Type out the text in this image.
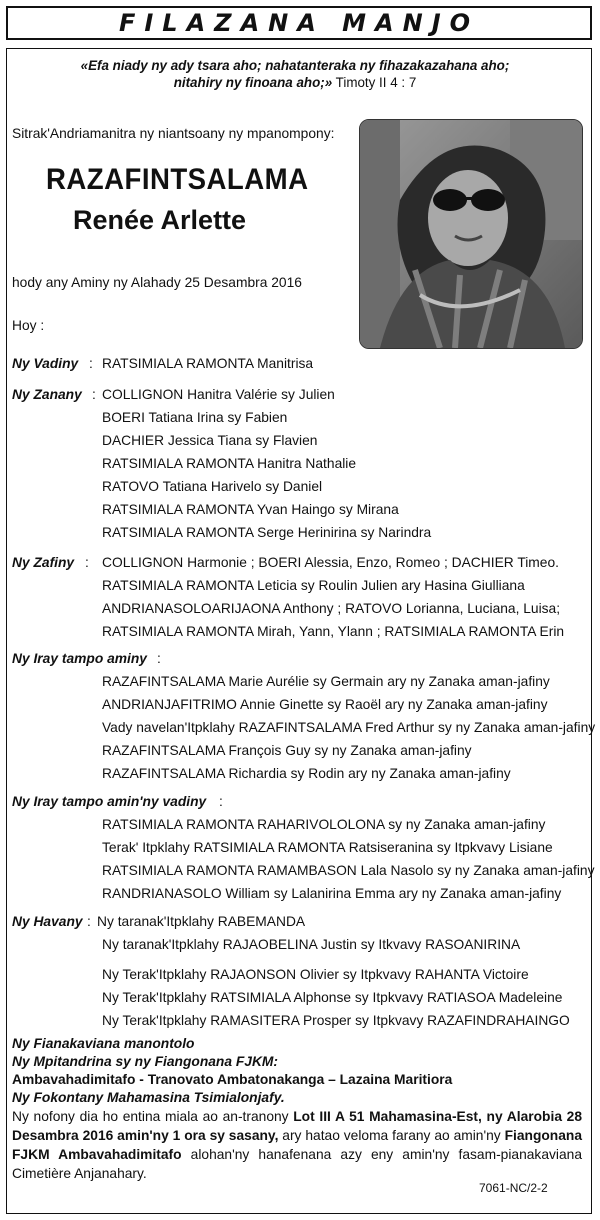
FILAZANA MANJO
«Efa niady ny ady tsara aho; nahatanteraka ny fihazakazahana aho;
nitahiry ny finoana aho;» Timoty II 4 : 7
Sitrak'Andriamanitra ny niantsoany ny mpanompony:
RAZAFINTSALAMA
Renée Arlette
hody any Aminy ny Alahady 25 Desambra 2016
Hoy :
Ny Vadiny : RATSIMIALA RAMONTA Manitrisa
Ny Zanany : COLLIGNON Hanitra Valérie sy Julien
BOERI Tatiana Irina sy Fabien
DACHIER Jessica Tiana sy Flavien
RATSIMIALA RAMONTA Hanitra Nathalie
RATOVO Tatiana Harivelo sy Daniel
RATSIMIALA RAMONTA Yvan Haingo sy Mirana
RATSIMIALA RAMONTA Serge Herinirina sy Narindra
Ny Zafiny : COLLIGNON Harmonie ; BOERI Alessia, Enzo, Romeo ; DACHIER Timeo.
RATSIMIALA RAMONTA Leticia sy Roulin Julien ary Hasina Giulliana
ANDRIANASOLOARIJAONA Anthony ; RATOVO Lorianna, Luciana, Luisa;
RATSIMIALA RAMONTA Mirah, Yann, Ylann ; RATSIMIALA RAMONTA Erin
Ny Iray tampo aminy :
RAZAFINTSALAMA Marie Aurélie sy Germain ary ny Zanaka aman-jafiny
ANDRIANJAFITRIMO Annie Ginette sy Raoël ary ny Zanaka aman-jafiny
Vady navelan'Itpklahy RAZAFINTSALAMA Fred Arthur sy ny Zanaka aman-jafiny
RAZAFINTSALAMA François Guy sy ny Zanaka aman-jafiny
RAZAFINTSALAMA Richardia sy Rodin ary ny Zanaka aman-jafiny
Ny Iray tampo amin'ny vadiny :
RATSIMIALA RAMONTA RAHARIVOLOLONA sy ny Zanaka aman-jafiny
Terak' Itpklahy RATSIMIALA RAMONTA Ratsiseranina sy Itpkvavy Lisiane
RATSIMIALA RAMONTA RAMAMBASON Lala Nasolo sy ny Zanaka aman-jafiny
RANDRIANASOLO William sy Lalanirina Emma ary ny Zanaka aman-jafiny
Ny Havany : Ny taranak'Itpklahy RABEMANDA
Ny taranak'Itpklahy RAJAOBELINA Justin sy Itkvavy RASOANIRINA
Ny Terak'Itpklahy RAJAONSON Olivier sy Itpkvavy RAHANTA Victoire
Ny Terak'Itpklahy RATSIMIALA Alphonse sy Itpkvavy RATIASOA Madeleine
Ny Terak'Itpklahy RAMASITERA Prosper sy Itpkvavy RAZAFINDRAHAINGO
Ny Fianakaviana manontolo
Ny Mpitandrina sy ny Fiangonana FJKM:
Ambavahadimitafo - Tranovato Ambatonakanga – Lazaina Maritiora
Ny Fokontany Mahamasina Tsimialonjafy.
Ny nofony dia ho entina miala ao an-tranony Lot III A 51 Mahamasina-Est, ny Alarobia 28 Desambra 2016 amin'ny 1 ora sy sasany, ary hatao veloma farany ao amin'ny Fiangonana FJKM Ambavahadimitafo alohan'ny hanafenana azy eny amin'ny fasam-pianakaviana Cimetière Anjanahary.
7061-NC/2-2
